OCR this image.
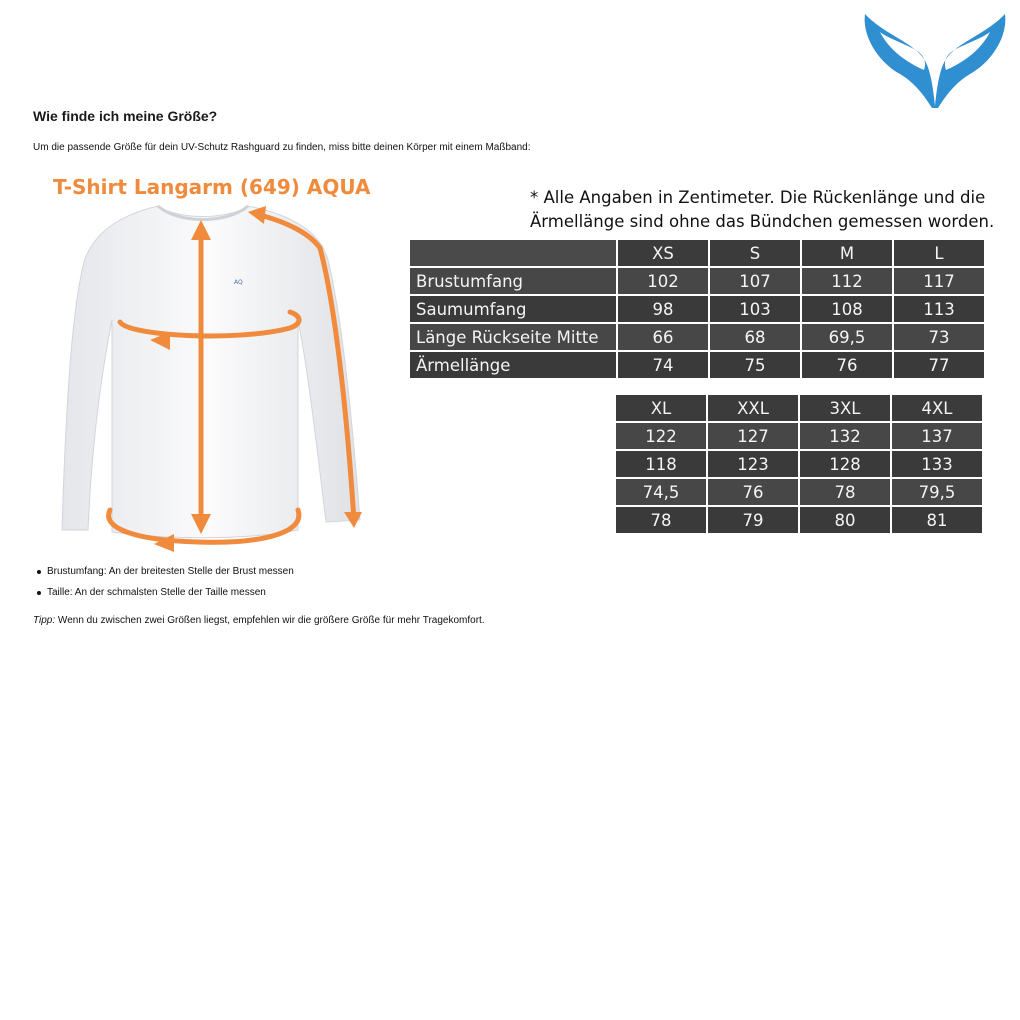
Wie finde ich meine Größe?

Um die passende Größe für dein UV-Schutz Rashguard zu finden, miss bitte deinen Körper mit einem Maßband:

T-Shirt Langarm (649) AQUA
AQ
* Alle Angaben in Zentimeter. Die Rückenlänge und die
Ärmellänge sind ohne das Bündchen gemessen worden.
	XS	S	M	L
Brustumfang	102	107	112	117
Saumumfang	98	103	108	113
Länge Rückseite Mitte	66	68	69,5	73
Ärmellänge	74	75	76	77
XL	XXL	3XL	4XL
122	127	132	137
118	123	128	133
74,5	76	78	79,5
78	79	80	81
Brustumfang: An der breitesten Stelle der Brust messen
Taille: An der schmalsten Stelle der Taille messen

Tipp: Wenn du zwischen zwei Größen liegst, empfehlen wir die größere Größe für mehr Tragekomfort.
